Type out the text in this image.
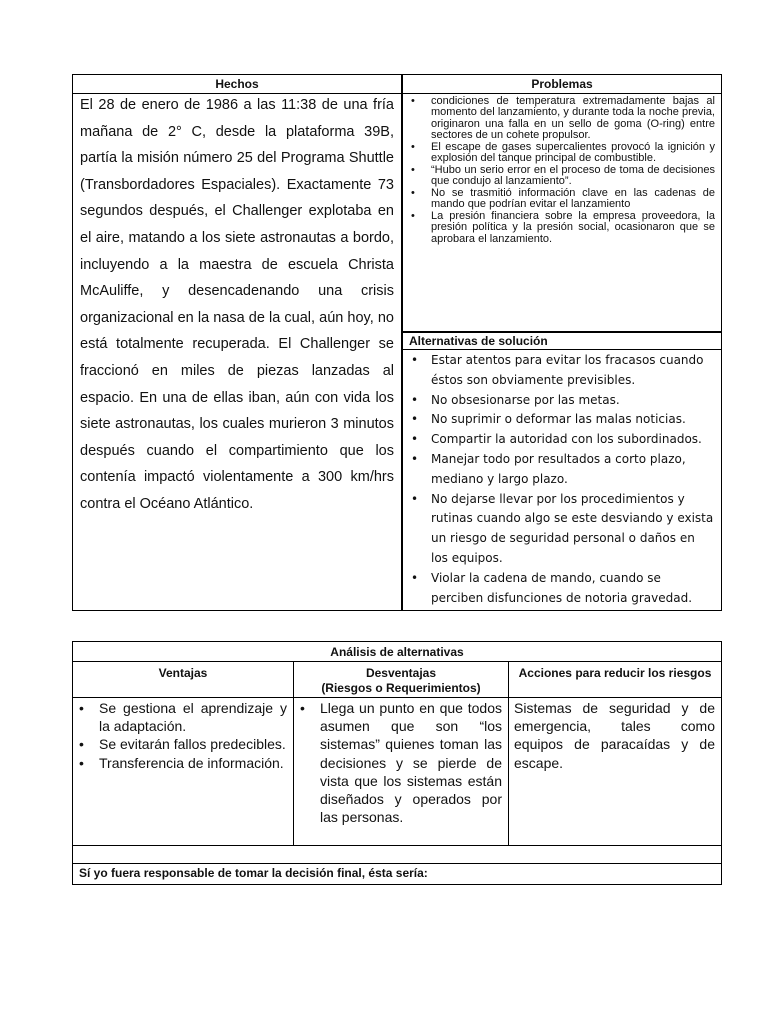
Hechos	Problemas
El 28 de enero de 1986 a las 11:38 de una fría mañana de 2° C, desde la plataforma 39B, partía la misión número 25 del Programa Shuttle (Transbordadores Espaciales). Exactamente 73 segundos después, el Challenger explotaba en el aire, matando a los siete astronautas a bordo, incluyendo a la maestra de escuela Christa McAuliffe, y desencadenando una crisis organizacional en la nasa de la cual, aún hoy, no está totalmente recuperada. El Challenger se fraccionó en miles de piezas lanzadas al espacio. En una de ellas iban, aún con vida los siete astronautas, los cuales murieron 3 minutos después cuando el compartimiento que los contenía impactó violentamente a 300 km/hrs contra el Océano Atlántico.
• condiciones de temperatura extremadamente bajas al momento del lanzamiento, y durante toda la noche previa, originaron una falla en un sello de goma (O-ring) entre sectores de un cohete propulsor.
• El escape de gases supercalientes provocó la ignición y explosión del tanque principal de combustible.
• “Hubo un serio error en el proceso de toma de decisiones que condujo al lanzamiento”.
• No se trasmitió información clave en las cadenas de mando que podrían evitar el lanzamiento
• La presión financiera sobre la empresa proveedora, la presión política y la presión social, ocasionaron que se aprobara el lanzamiento.
Alternativas de solución
• Estar atentos para evitar los fracasos cuando éstos son obviamente previsibles.
• No obsesionarse por las metas.
• No suprimir o deformar las malas noticias.
• Compartir la autoridad con los subordinados.
• Manejar todo por resultados a corto plazo, mediano y largo plazo.
• No dejarse llevar por los procedimientos y rutinas cuando algo se este desviando y exista un riesgo de seguridad personal o daños en los equipos.
• Violar la cadena de mando, cuando se perciben disfunciones de notoria gravedad.
Análisis de alternativas
Ventajas	Desventajas
(Riesgos o Requerimientos)
Acciones para reducir los riesgos
• Se gestiona el aprendizaje y la adaptación.
• Se evitarán fallos predecibles.
• Transferencia de información.
• Llega un punto en que todos asumen que son “los sistemas” quienes toman las decisiones y se pierde de vista que los sistemas están diseñados y operados por las personas.
Sistemas de seguridad y de emergencia, tales como equipos de paracaídas y de escape.
Sí yo fuera responsable de tomar la decisión final, ésta sería:
